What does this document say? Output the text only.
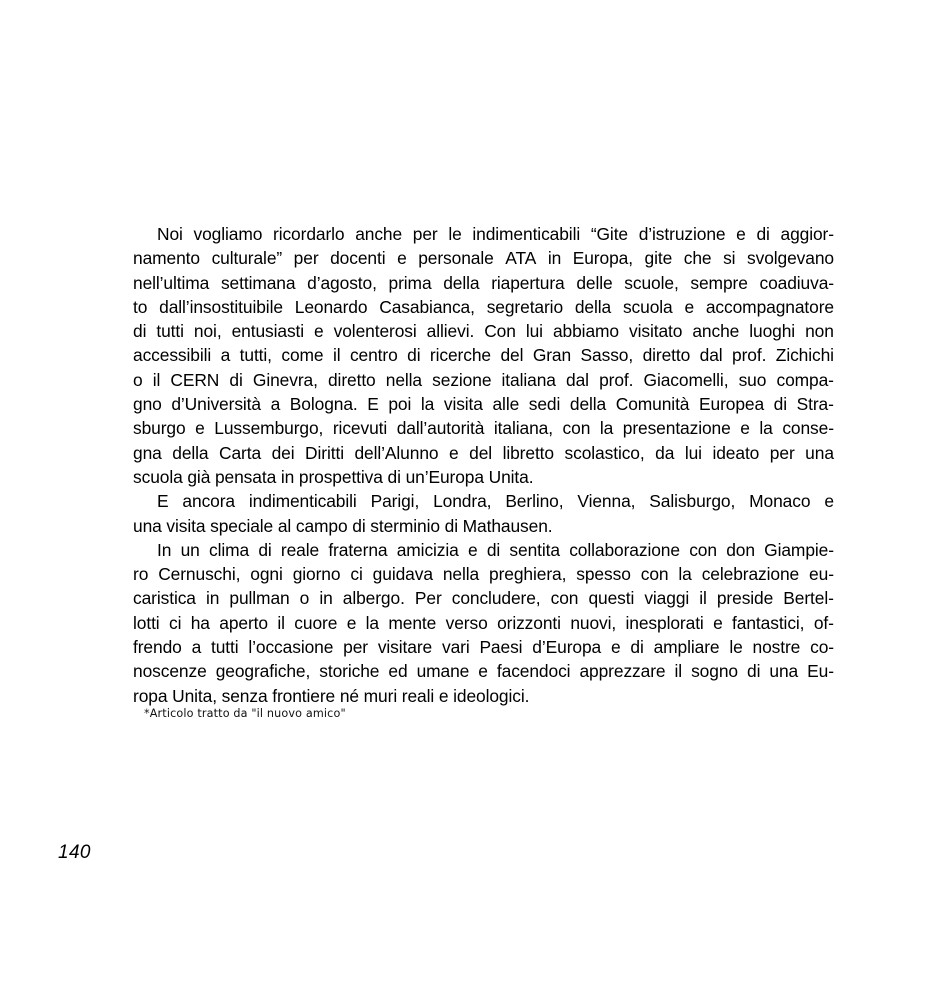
Noi vogliamo ricordarlo anche per le indimenticabili “Gite d’istruzione e di aggior-
namento culturale” per docenti e personale ATA in Europa, gite che si svolgevano
nell’ultima settimana d’agosto, prima della riapertura delle scuole, sempre coadiuva-
to dall’insostituibile Leonardo Casabianca, segretario della scuola e accompagnatore
di tutti noi, entusiasti e volenterosi allievi. Con lui abbiamo visitato anche luoghi non
accessibili a tutti, come il centro di ricerche del Gran Sasso, diretto dal prof. Zichichi
o il CERN di Ginevra, diretto nella sezione italiana dal prof. Giacomelli, suo compa-
gno d’Università a Bologna. E poi la visita alle sedi della Comunità Europea di Stra-
sburgo e Lussemburgo, ricevuti dall’autorità italiana, con la presentazione e la conse-
gna della Carta dei Diritti dell’Alunno e del libretto scolastico, da lui ideato per una
scuola già pensata in prospettiva di un’Europa Unita.

E ancora indimenticabili Parigi, Londra, Berlino, Vienna, Salisburgo, Monaco e
una visita speciale al campo di sterminio di Mathausen.

In un clima di reale fraterna amicizia e di sentita collaborazione con don Giampie-
ro Cernuschi, ogni giorno ci guidava nella preghiera, spesso con la celebrazione eu-
caristica in pullman o in albergo. Per concludere, con questi viaggi il preside Bertel-
lotti ci ha aperto il cuore e la mente verso orizzonti nuovi, inesplorati e fantastici, of-
frendo a tutti l’occasione per visitare vari Paesi d’Europa e di ampliare le nostre co-
noscenze geografiche, storiche ed umane e facendoci apprezzare il sogno di una Eu-
ropa Unita, senza frontiere né muri reali e ideologici.

*Articolo tratto da "il nuovo amico"
140
